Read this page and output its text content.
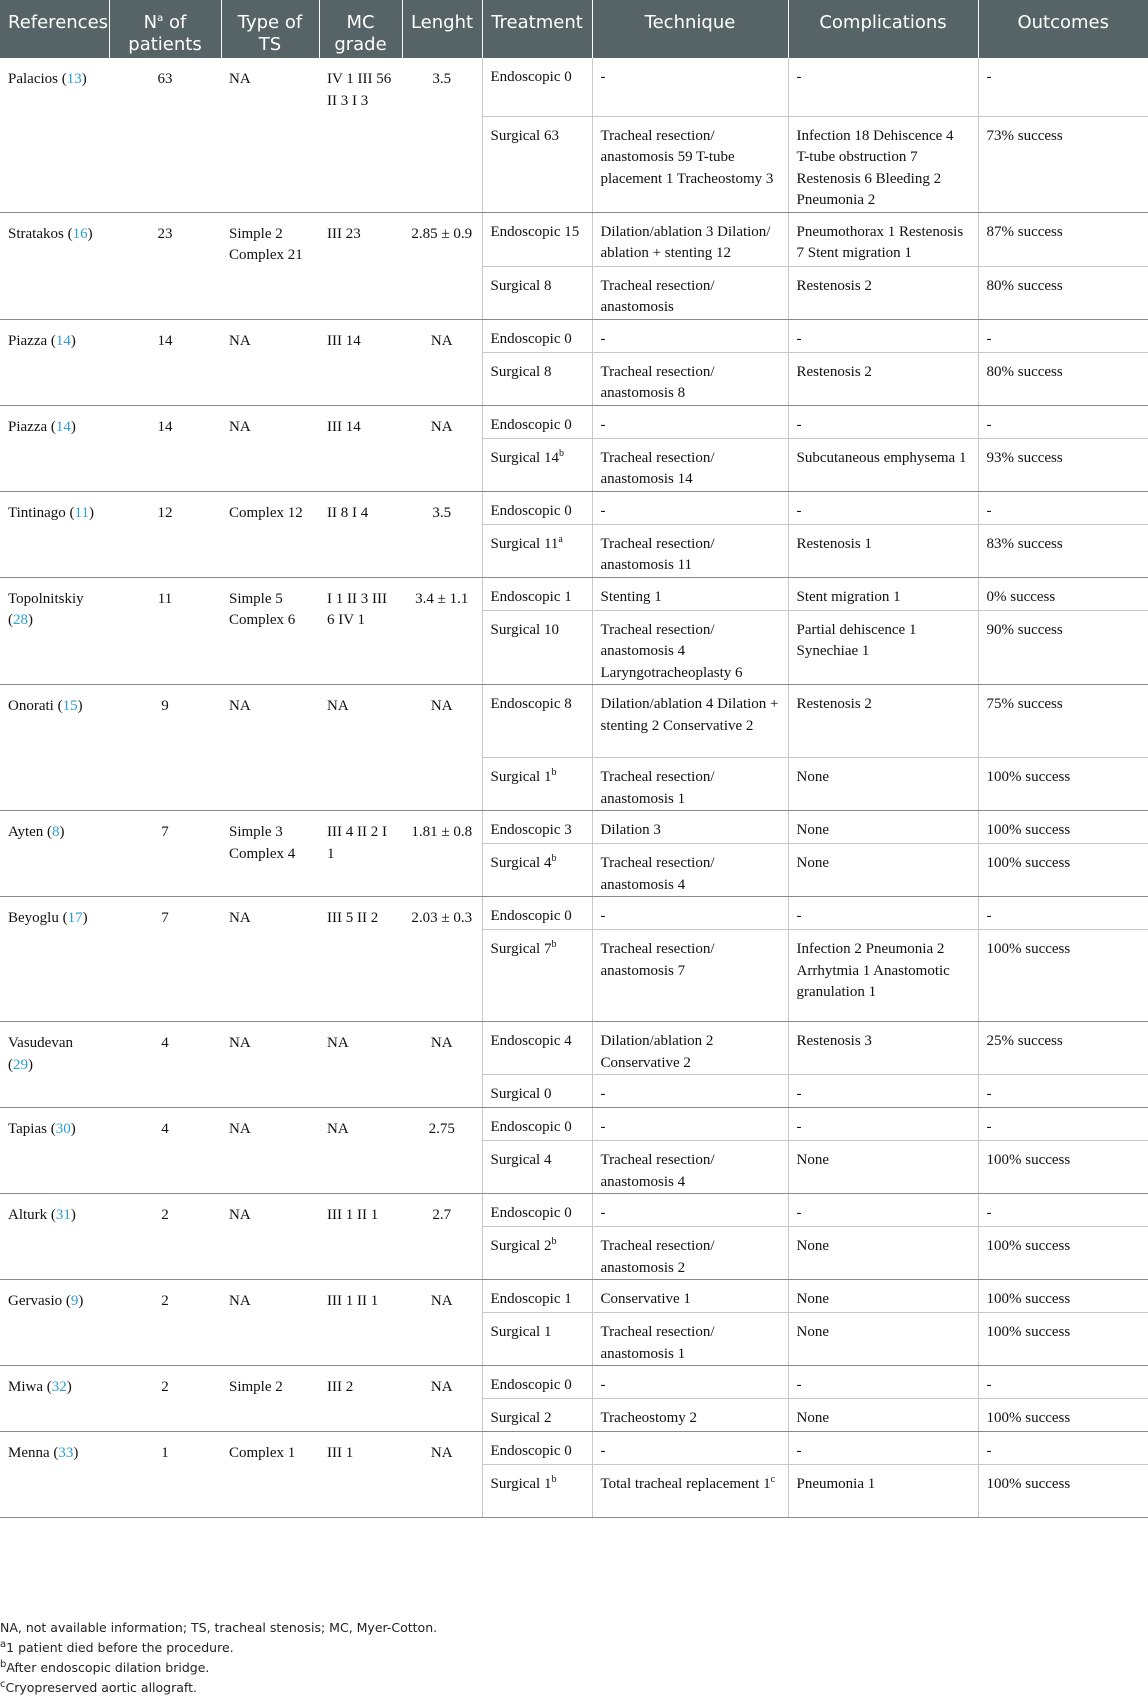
References	$N^a$ of patients	Type of TS	MC grade	Lenght	Treatment	Technique	Complications	Outcomes

Palacios (13)	63	NA	IV 1 III 56 II 3 I 3	3.5	Endoscopic 0	-	-	-
					Surgical 63	Tracheal resection/ anastomosis 59 T-tube placement 1 Tracheostomy 3	Infection 18 Dehiscence 4 T-tube obstruction 7 Restenosis 6 Bleeding 2 Pneumonia 2	73% success
Stratakos (16)	23	Simple 2 Complex 21	III 23	2.85 ± 0.9	Endoscopic 15	Dilation/ablation 3 Dilation/ ablation + stenting 12	Pneumothorax 1 Restenosis 7 Stent migration 1	87% success
					Surgical 8	Tracheal resection/ anastomosis	Restenosis 2	80% success
Piazza (14)	14	NA	III 14	NA	Endoscopic 0	-	-	-
					Surgical 8	Tracheal resection/ anastomosis 8	Restenosis 2	80% success
Piazza (14)	14	NA	III 14	NA	Endoscopic 0	-	-	-
					Surgical 14$^b$	Tracheal resection/ anastomosis 14	Subcutaneous emphysema 1	93% success
Tintinago (11)	12	Complex 12	II 8 I 4	3.5	Endoscopic 0	-	-	-
					Surgical 11$^a$	Tracheal resection/ anastomosis 11	Restenosis 1	83% success
Topolnitskiy (28)	11	Simple 5 Complex 6	I 1 II 3 III 6 IV 1	3.4 ± 1.1	Endoscopic 1	Stenting 1	Stent migration 1	0% success
					Surgical 10	Tracheal resection/ anastomosis 4 Laryngotracheoplasty 6	Partial dehiscence 1 Synechiae 1	90% success
Onorati (15)	9	NA	NA	NA	Endoscopic 8	Dilation/ablation 4 Dilation + stenting 2 Conservative 2	Restenosis 2	75% success
					Surgical 1$^b$	Tracheal resection/ anastomosis 1	None	100% success
Ayten (8)	7	Simple 3 Complex 4	III 4 II 2 I 1	1.81 ± 0.8	Endoscopic 3	Dilation 3	None	100% success
					Surgical 4$^b$	Tracheal resection/ anastomosis 4	None	100% success
Beyoglu (17)	7	NA	III 5 II 2	2.03 ± 0.3	Endoscopic 0	-	-	-
					Surgical 7$^b$	Tracheal resection/ anastomosis 7	Infection 2 Pneumonia 2 Arrhytmia 1 Anastomotic granulation 1	100% success
Vasudevan (29)	4	NA	NA	NA	Endoscopic 4	Dilation/ablation 2 Conservative 2	Restenosis 3	25% success
					Surgical 0	-	-	-
Tapias (30)	4	NA	NA	2.75	Endoscopic 0	-	-	-
					Surgical 4	Tracheal resection/ anastomosis 4	None	100% success
Alturk (31)	2	NA	III 1 II 1	2.7	Endoscopic 0	-	-	-
					Surgical 2$^b$	Tracheal resection/ anastomosis 2	None	100% success
Gervasio (9)	2	NA	III 1 II 1	NA	Endoscopic 1	Conservative 1	None	100% success
					Surgical 1	Tracheal resection/ anastomosis 1	None	100% success
Miwa (32)	2	Simple 2	III 2	NA	Endoscopic 0	-	-	-
					Surgical 2	Tracheostomy 2	None	100% success
Menna (33)	1	Complex 1	III 1	NA	Endoscopic 0	-	-	-
					Surgical 1$^b$	Total tracheal replacement 1$^c$	Pneumonia 1	100% success
NA, not available information; TS, tracheal stenosis; MC, Myer-Cotton.
$^a$1 patient died before the procedure.
$^b$After endoscopic dilation bridge.
$^c$Cryopreserved aortic allograft.
